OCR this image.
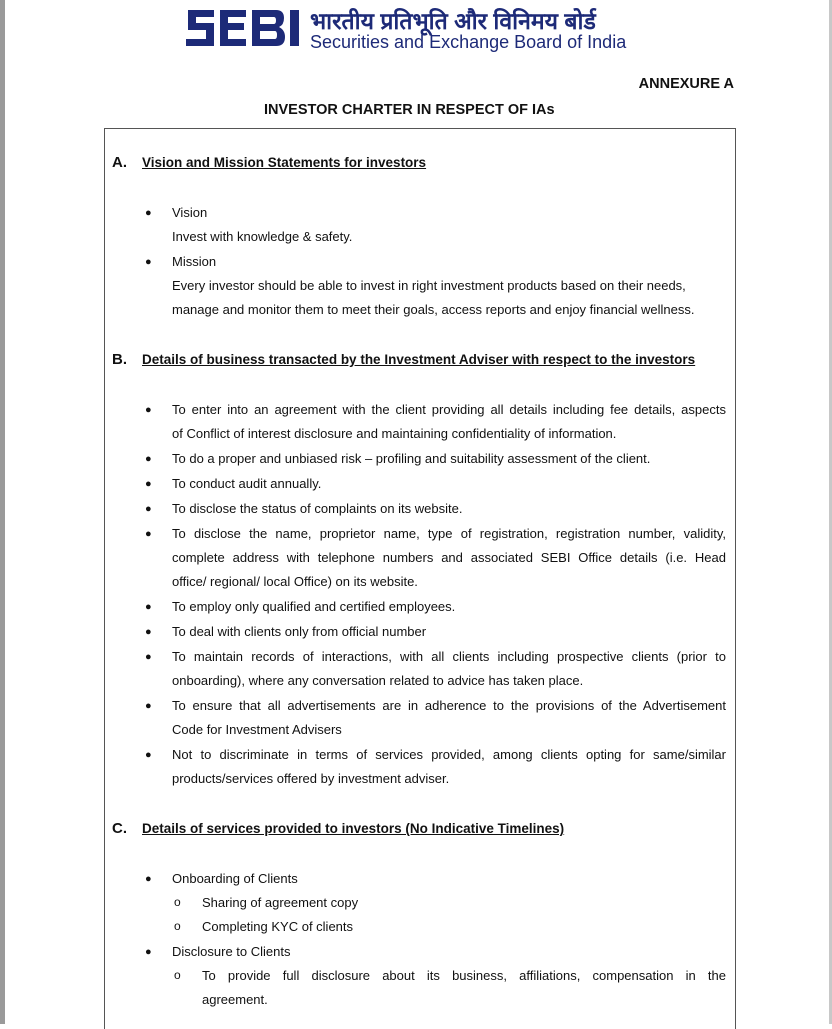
भारतीय प्रतिभूति और विनिमय बोर्ड
Securities and Exchange Board of India
ANNEXURE A
INVESTOR CHARTER IN RESPECT OF IAs
A. Vision and Mission Statements for investors
● Vision
Invest with knowledge & safety.
● Mission
Every investor should be able to invest in right investment products based on their needs,
manage and monitor them to meet their goals, access reports and enjoy financial wellness.
B. Details of business transacted by the Investment Adviser with respect to the investors
● To enter into an agreement with the client providing all details including fee details, aspects
of Conflict of interest disclosure and maintaining confidentiality of information.
● To do a proper and unbiased risk – profiling and suitability assessment of the client.
● To conduct audit annually.
● To disclose the status of complaints on its website.
● To disclose the name, proprietor name, type of registration, registration number, validity,
complete address with telephone numbers and associated SEBI Office details (i.e. Head
office/ regional/ local Office) on its website.
● To employ only qualified and certified employees.
● To deal with clients only from official number
● To maintain records of interactions, with all clients including prospective clients (prior to
onboarding), where any conversation related to advice has taken place.
● To ensure that all advertisements are in adherence to the provisions of the Advertisement
Code for Investment Advisers
● Not to discriminate in terms of services provided, among clients opting for same/similar
products/services offered by investment adviser.
C. Details of services provided to investors (No Indicative Timelines)
● Onboarding of Clients
o Sharing of agreement copy
o Completing KYC of clients
● Disclosure to Clients
o To provide full disclosure about its business, affiliations, compensation in the
agreement.
